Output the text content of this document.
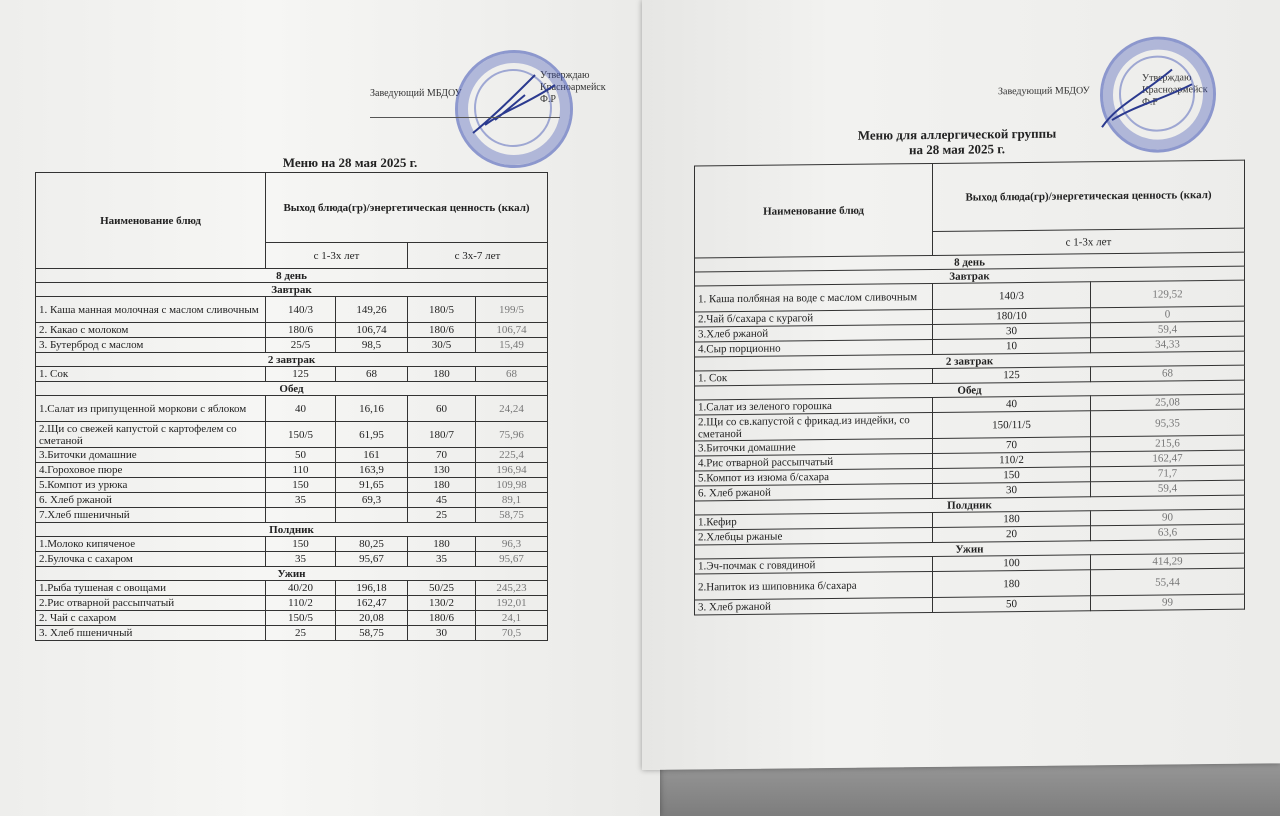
Заведующий МБДОУ
Утверждаю
Красноармейск
Ф.Р
Меню на 28 мая 2025 г.
Наименование блюд	Выход блюда(гр)/энергетическая ценность (ккал)			
	с 1-3х лет		с 3х-7 лет	
8 день				
Завтрак				
1. Каша манная молочная с маслом сливочным	140/3	149,26	180/5	199/5
2. Какао с молоком	180/6	106,74	180/6	106,74
3. Бутерброд с маслом	25/5	98,5	30/5	15,49
2 завтрак				
1. Сок	125	68	180	68
Обед				
1.Салат из припущенной моркови с яблоком	40	16,16	60	24,24
2.Щи со свежей капустой с картофелем со сметаной	150/5	61,95	180/7	75,96
3.Биточки домашние	50	161	70	225,4
4.Гороховое пюре	110	163,9	130	196,94
5.Компот из урюка	150	91,65	180	109,98
6. Хлеб ржаной	35	69,3	45	89,1
7.Хлеб пшеничный			25	58,75
Полдник				
1.Молоко кипяченое	150	80,25	180	96,3
2.Булочка с сахаром	35	95,67	35	95,67
Ужин				
1.Рыба тушеная с овощами	40/20	196,18	50/25	245,23
2.Рис отварной рассыпчатый	110/2	162,47	130/2	192,01
2. Чай с сахаром	150/5	20,08	180/6	24,1
3. Хлеб пшеничный	25	58,75	30	70,5
Заведующий МБДОУ
Утверждаю
Красноармейск
Ф.Р
Меню для аллергической группы
на 28 мая 2025 г.
Наименование блюд	Выход блюда(гр)/энергетическая ценность (ккал)	
	с 1-3х лет	
8 день		
Завтрак		
1. Каша полбяная на воде с маслом сливочным	140/3	129,52
2.Чай б/сахара с курагой	180/10	0
3.Хлеб ржаной	30	59,4
4.Сыр порционно	10	34,33
2 завтрак		
1. Сок	125	68
Обед		
1.Салат из зеленого горошка	40	25,08
2.Щи со св.капустой с фрикад.из индейки, со сметаной	150/11/5	95,35
3.Биточки домашние	70	215,6
4.Рис отварной рассыпчатый	110/2	162,47
5.Компот из изюма б/сахара	150	71,7
6. Хлеб ржаной	30	59,4
Полдник		
1.Кефир	180	90
2.Хлебцы ржаные	20	63,6
Ужин		
1.Эч-почмак с говядиной	100	414,29
2.Напиток из шиповника б/сахара	180	55,44
3. Хлеб ржаной	50	99
